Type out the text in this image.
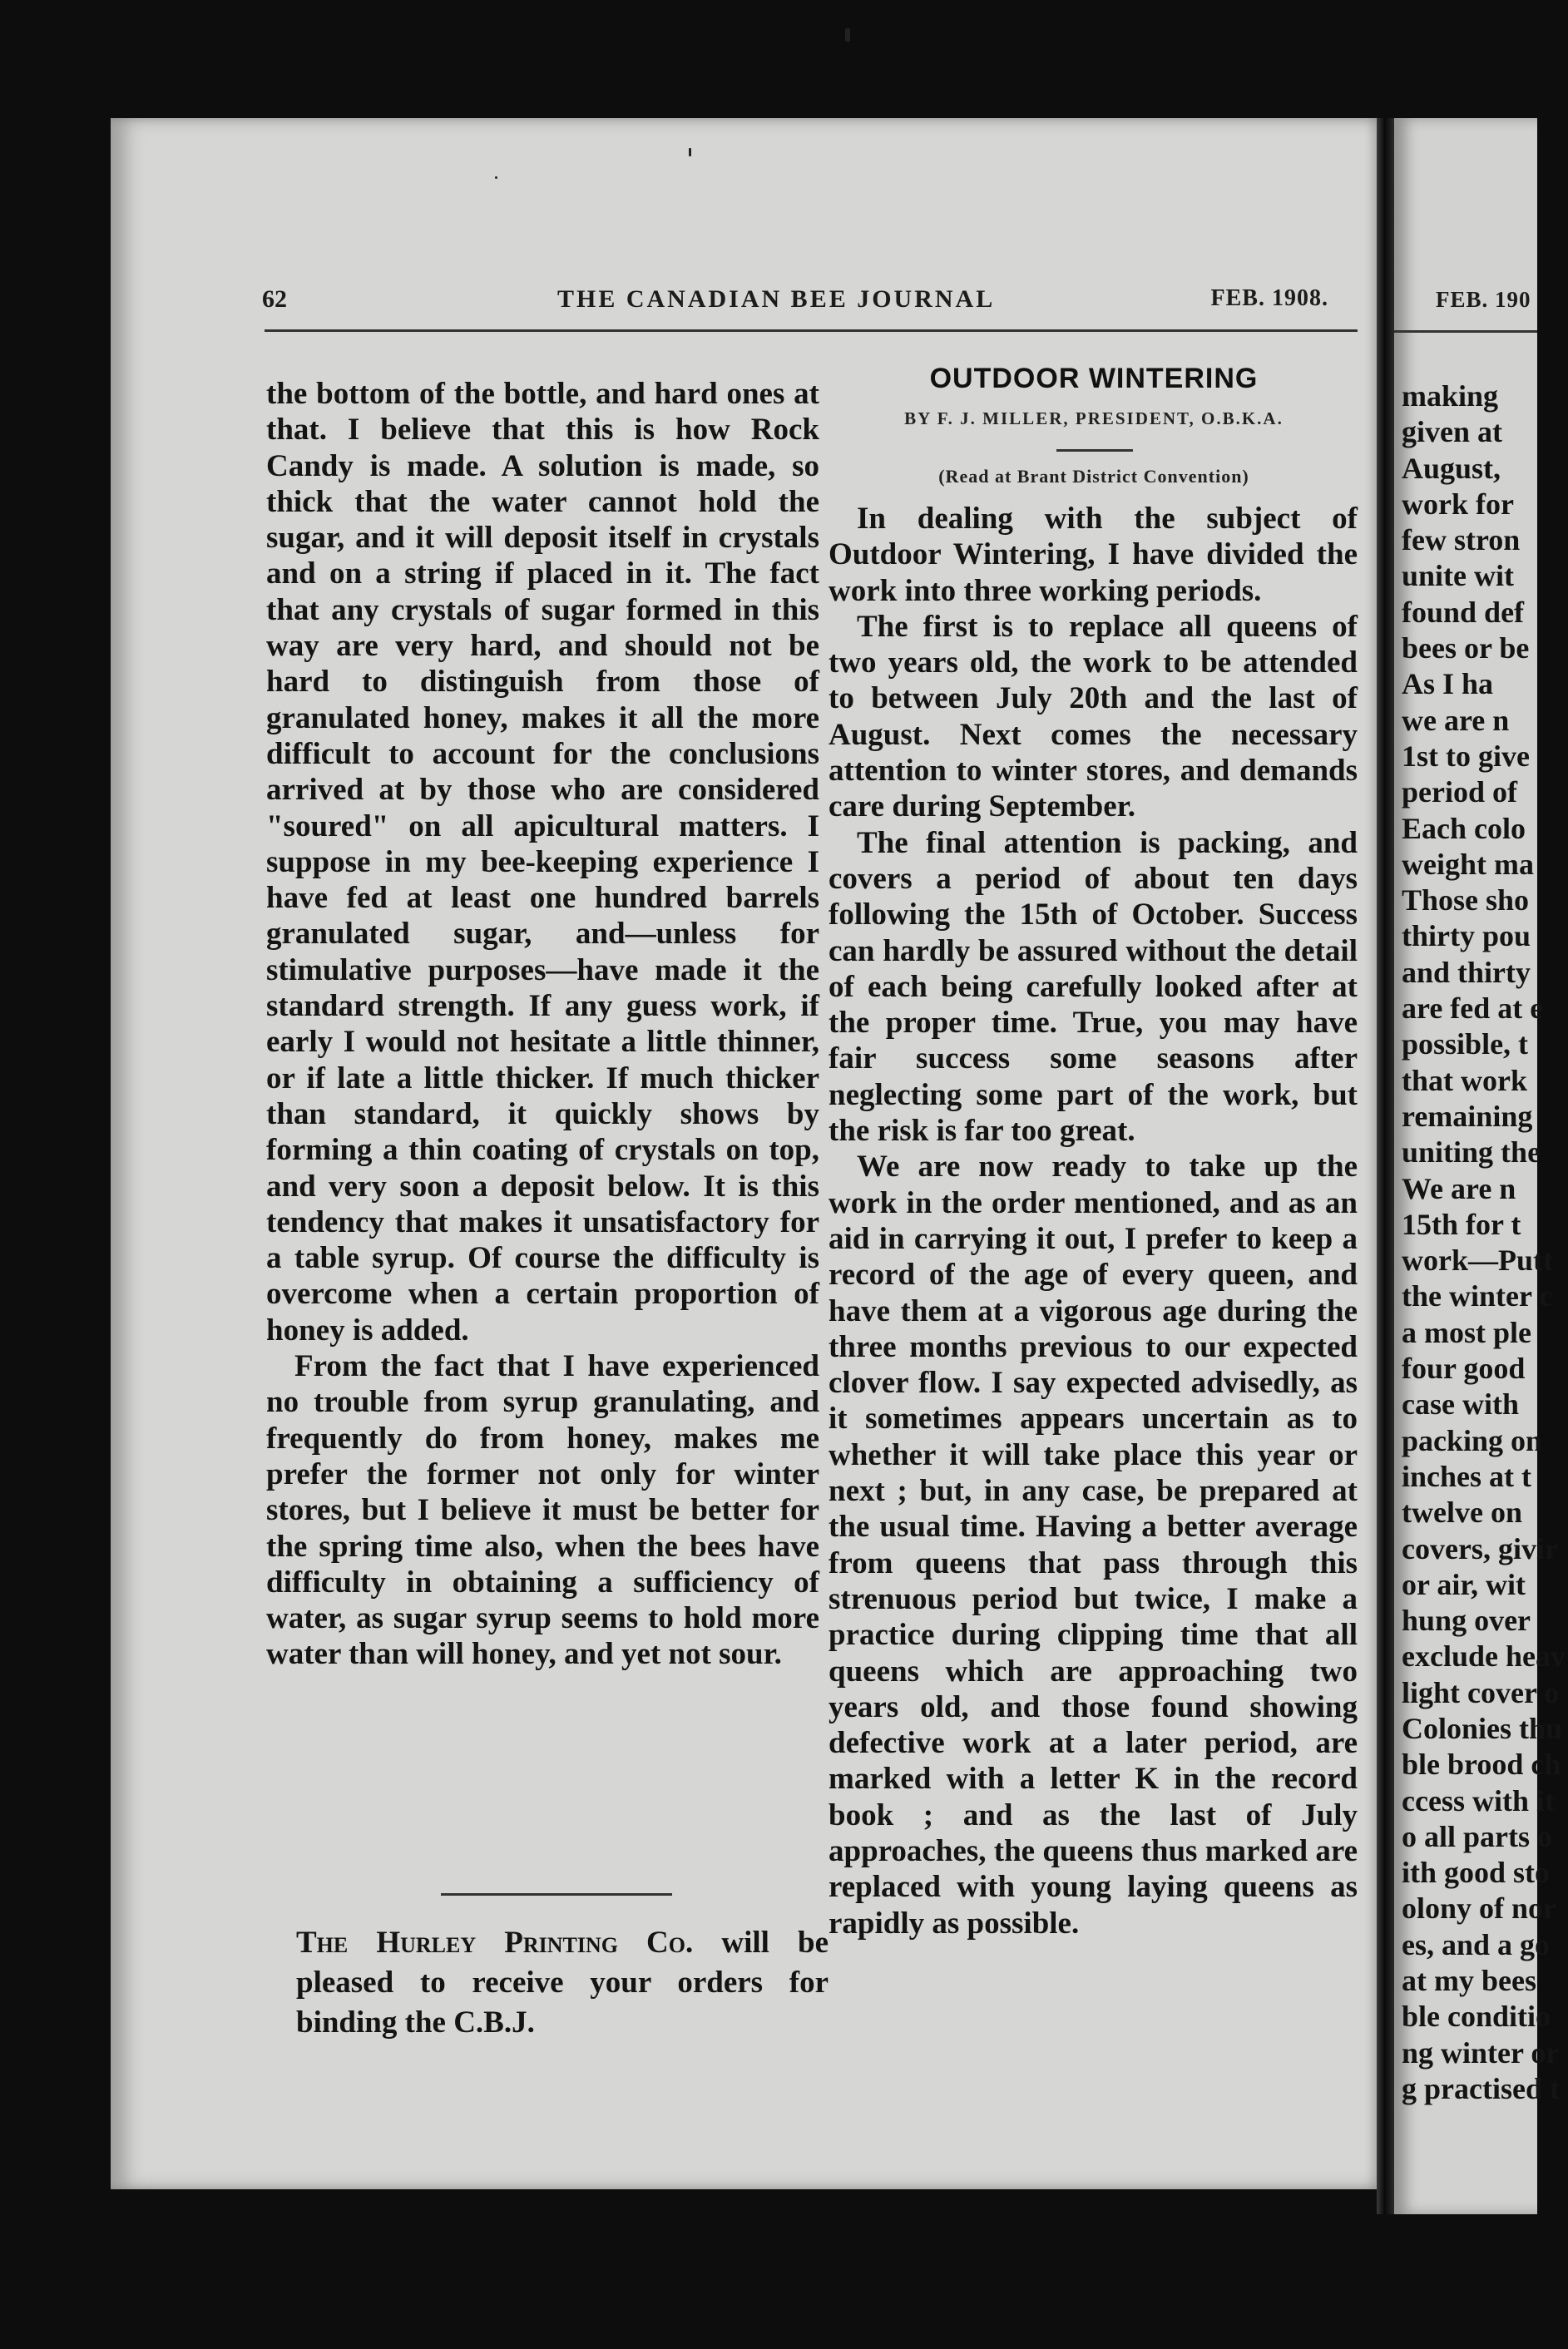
62	THE CANADIAN BEE JOURNAL	FEB. 1908.

the bottom of the bottle, and hard ones at that. I believe that this is how Rock Candy is made. A solution is made, so thick that the water cannot hold the sugar, and it will deposit itself in crystals and on a string if placed in it. The fact that any crystals of sugar formed in this way are very hard, and should not be hard to distinguish from those of granulated honey, makes it all the more difficult to account for the conclusions arrived at by those who are considered "soured" on all apicultural matters. I suppose in my bee-keeping experience I have fed at least one hundred barrels granulated sugar, and—unless for stimulative purposes—have made it the standard strength. If any guess work, if early I would not hesitate a little thinner, or if late a little thicker. If much thicker than standard, it quickly shows by forming a thin coating of crystals on top, and very soon a deposit below. It is this tendency that makes it unsatisfactory for a table syrup. Of course the difficulty is overcome when a certain proportion of honey is added.

From the fact that I have experienced no trouble from syrup granulating, and frequently do from honey, makes me prefer the former not only for winter stores, but I believe it must be better for the spring time also, when the bees have difficulty in obtaining a sufficiency of water, as sugar syrup seems to hold more water than will honey, and yet not sour.

The Hurley Printing Co. will be pleased to receive your orders for binding the C.B.J.
OUTDOOR WINTERING
BY F. J. MILLER, PRESIDENT, O.B.K.A.
(Read at Brant District Convention)

In dealing with the subject of Outdoor Wintering, I have divided the work into three working periods.

The first is to replace all queens of two years old, the work to be attended to between July 20th and the last of August. Next comes the necessary attention to winter stores, and demands care during September.

The final attention is packing, and covers a period of about ten days following the 15th of October. Success can hardly be assured without the detail of each being carefully looked after at the proper time. True, you may have fair success some seasons after neglecting some part of the work, but the risk is far too great.

We are now ready to take up the work in the order mentioned, and as an aid in carrying it out, I prefer to keep a record of the age of every queen, and have them at a vigorous age during the three months previous to our expected clover flow. I say expected advisedly, as it sometimes appears uncertain as to whether it will take place this year or next ; but, in any case, be prepared at the usual time. Having a better average from queens that pass through this strenuous period but twice, I make a practice during clipping time that all queens which are approaching two years old, and those found showing defective work at a later period, are marked with a letter K in the record book ; and as the last of July approaches, the queens thus marked are replaced with young laying queens as rapidly as possible.

FEB. 190
making
given at
August,
work for
few stron
unite wit
found def
bees or be
As I ha
we are n
1st to give
period of
Each colo
weight ma
Those sho
thirty pou
and thirty
are fed at e
possible, t
that work
remaining
uniting the
We are n
15th for t
work—Putt
the winter c
a most ple
four good
case with
packing on
inches at t
twelve on
covers, givir
or air, wit
hung over
exclude heav
light cover o
Colonies thu
ble brood ch
ccess with it
o all parts o
ith good sto
olony of nor
es, and a go
at my bees
ble conditio
ng winter or
g practised t
